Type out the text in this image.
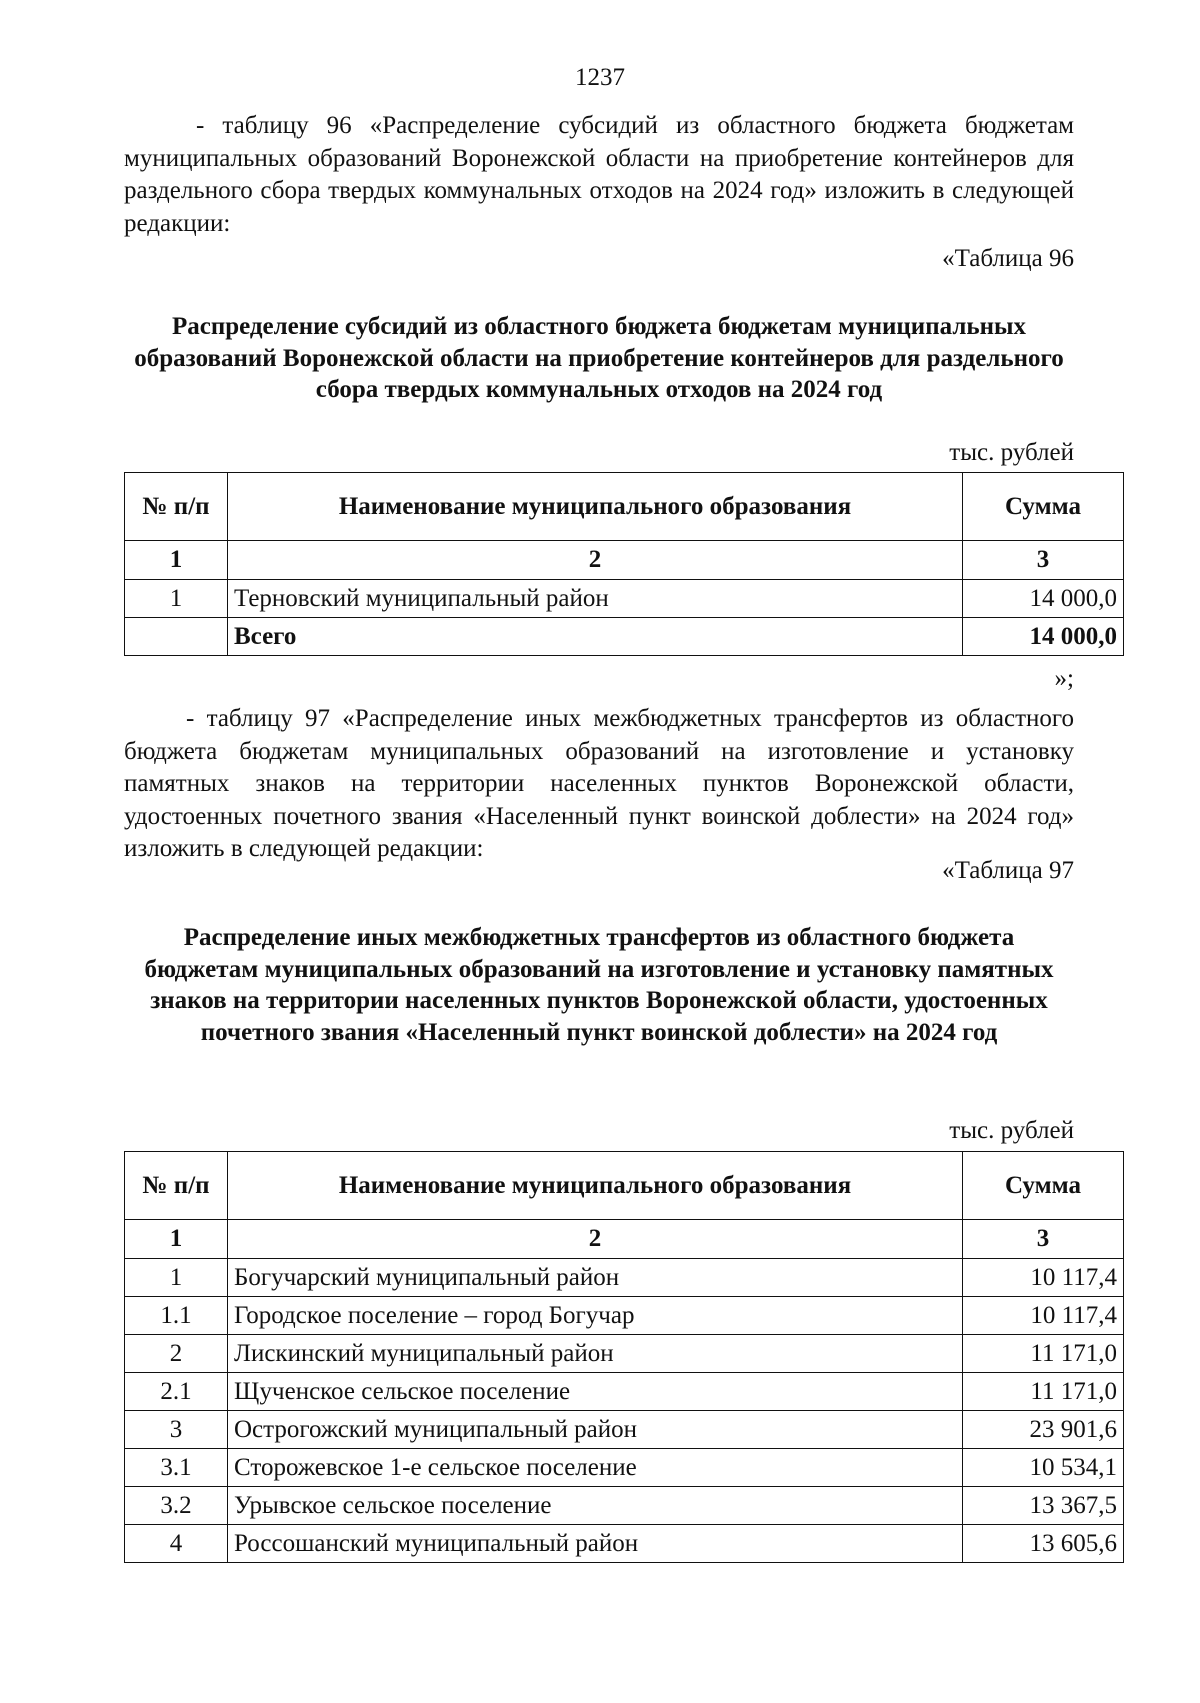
1237

- таблицу 96 «Распределение субсидий из областного бюджета бюджетам муниципальных образований Воронежской области на приобретение контейнеров для раздельного сбора твердых коммунальных отходов на 2024 год» изложить в следующей редакции:

«Таблица 96
Распределение субсидий из областного бюджета бюджетам муниципальных образований Воронежской области на приобретение контейнеров для раздельного сбора твердых коммунальных отходов на 2024 год
тыс. рублей
№ п/п	Наименование муниципального образования	Сумма
1	2	3
1	Терновский муниципальный район	14 000,0
	Всего	14 000,0
»;

- таблицу 97 «Распределение иных межбюджетных трансфертов из областного бюджета бюджетам муниципальных образований на изготовление и установку памятных знаков на территории населенных пунктов Воронежской области, удостоенных почетного звания «Населенный пункт воинской доблести» на 2024 год» изложить в следующей редакции:

«Таблица 97
Распределение иных межбюджетных трансфертов из областного бюджета бюджетам муниципальных образований на изготовление и установку памятных знаков на территории населенных пунктов Воронежской области, удостоенных почетного звания «Населенный пункт воинской доблести» на 2024 год
тыс. рублей
№ п/п	Наименование муниципального образования	Сумма
1	2	3
1	Богучарский муниципальный район	10 117,4
1.1	Городское поселение – город Богучар	10 117,4
2	Лискинский муниципальный район	11 171,0
2.1	Щученское сельское поселение	11 171,0
3	Острогожский муниципальный район	23 901,6
3.1	Сторожевское 1-е сельское поселение	10 534,1
3.2	Урывское сельское поселение	13 367,5
4	Россошанский муниципальный район	13 605,6
